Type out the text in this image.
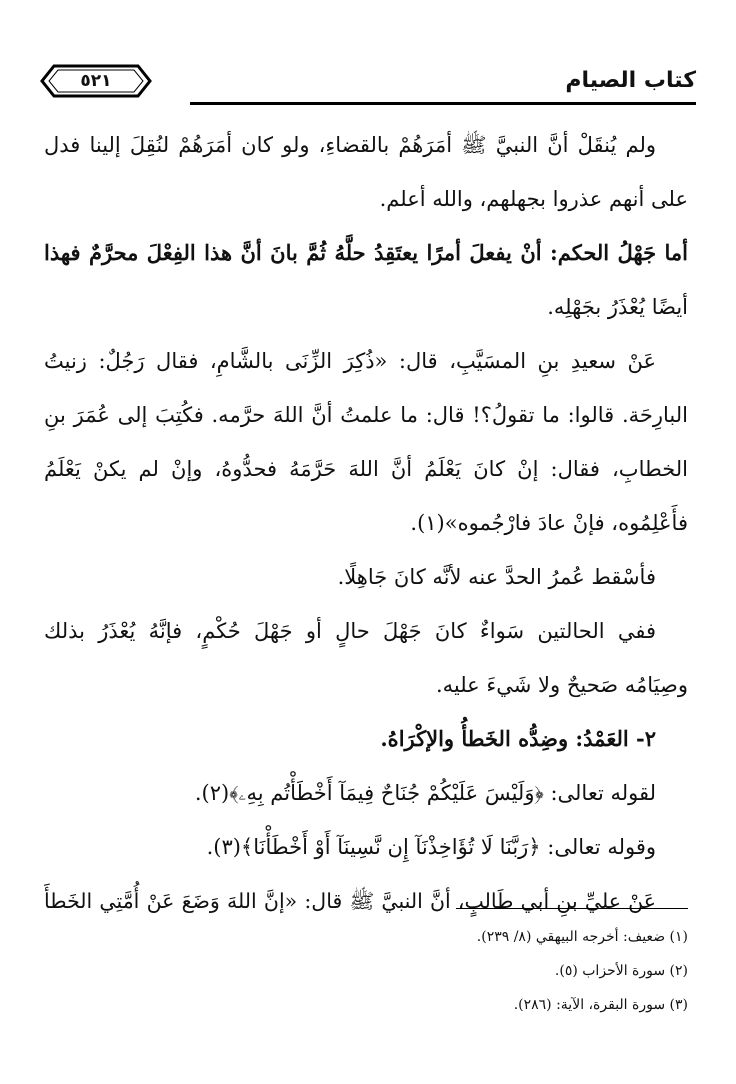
كتاب الصيام
٥٢١
ولم يُنقَلْ أنَّ النبيَّ ﷺ أمَرَهُمْ بالقضاءِ، ولو كان أمَرَهُمْ لنُقِلَ إلينا فدل
على أنهم عذروا بجهلهم، والله أعلم.
أما جَهْلُ الحكم: أنْ يفعلَ أمرًا يعتَقِدُ حلَّهُ ثُمَّ بانَ أنَّ هذا الفِعْلَ محرَّمٌ فهذا
أيضًا يُعْذَرُ بجَهْلِه.
عَنْ سعيدِ بنِ المسَيَّبِ، قال: «ذُكِرَ الزِّنَى بالشَّامِ، فقال رَجُلٌ: زنيتُ
البارِحَة. قالوا: ما تقولُ؟! قال: ما علمتُ أنَّ اللهَ حرَّمه. فكُتِبَ إلى عُمَرَ بنِ
الخطابِ، فقال: إنْ كانَ يَعْلَمُ أنَّ اللهَ حَرَّمَهُ فحدُّوهُ، وإنْ لم يكنْ يَعْلَمُ
فأَعْلِمُوه، فإنْ عادَ فارْجُموه»(١).
فأسْقط عُمرُ الحدَّ عنه لأنَّه كانَ جَاهِلًا.
ففي الحالتين سَواءٌ كانَ جَهْلَ حالٍ أو جَهْلَ حُكْمٍ، فإنَّهُ يُعْذَرُ بذلك
وصِيَامُه صَحيحٌ ولا شَيءَ عليه.
٢- العَمْدُ: وضِدُّه الخَطأُ والإكْرَاهُ.
لقوله تعالى: ﴿وَلَيْسَ عَلَيْكُمْ جُنَاحٌ فِيمَآ أَخْطَأْتُم بِهِۦ﴾(٢).
وقوله تعالى: ﴿رَبَّنَا لَا تُؤَاخِذْنَآ إِن نَّسِينَآ أَوْ أَخْطَأْنَا﴾(٣).
عَنْ عليِّ بنِ أبي طَالبٍ، أنَّ النبيَّ ﷺ قال: «إنَّ اللهَ وَضَعَ عَنْ أُمَّتِي الخَطأَ
(١) ضعيف: أخرجه البيهقي (٨/ ٢٣٩).
(٢) سورة الأحزاب (٥).
(٣) سورة البقرة، الآية: (٢٨٦).
